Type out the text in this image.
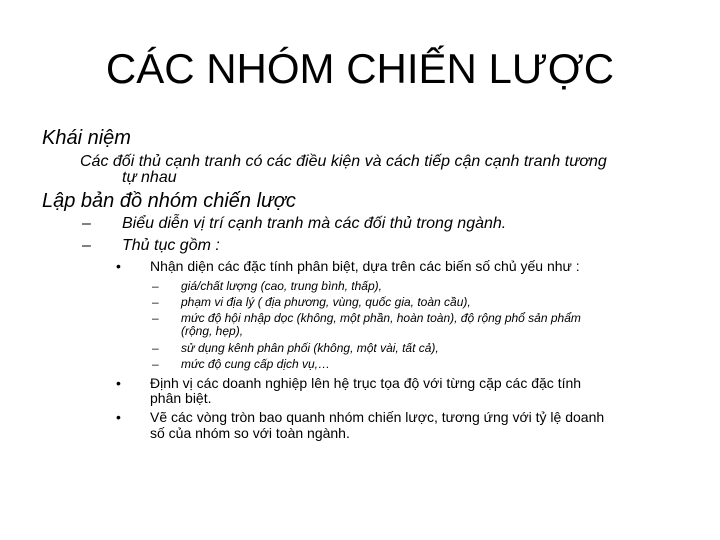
CÁC NHÓM CHIẾN LƯỢC
Khái niệm
Các đối thủ cạnh tranh có các điều kiện và cách tiếp cận cạnh tranh tương
tự nhau
Lập bản đồ nhóm chiến lược
– Biểu diễn vị trí cạnh tranh mà các đối thủ trong ngành.
– Thủ tục gồm :
• Nhận diện các đặc tính phân biệt, dựa trên các biến số chủ yếu như :
– giá/chất lượng (cao, trung bình, thấp),
– phạm vi địa lý ( địa phương, vùng, quốc gia, toàn cầu),
– mức độ hội nhập dọc (không, một phần, hoàn toàn), độ rộng phổ sản phẩm
(rộng, hẹp),
– sử dụng kênh phân phối (không, một vài, tất cả),
– mức độ cung cấp dịch vụ,…
• Định vị các doanh nghiệp lên hệ trục tọa độ với từng cặp các đặc tính
phân biệt.
• Vẽ các vòng tròn bao quanh nhóm chiến lược, tương ứng với tỷ lệ doanh
số của nhóm so với toàn ngành.
